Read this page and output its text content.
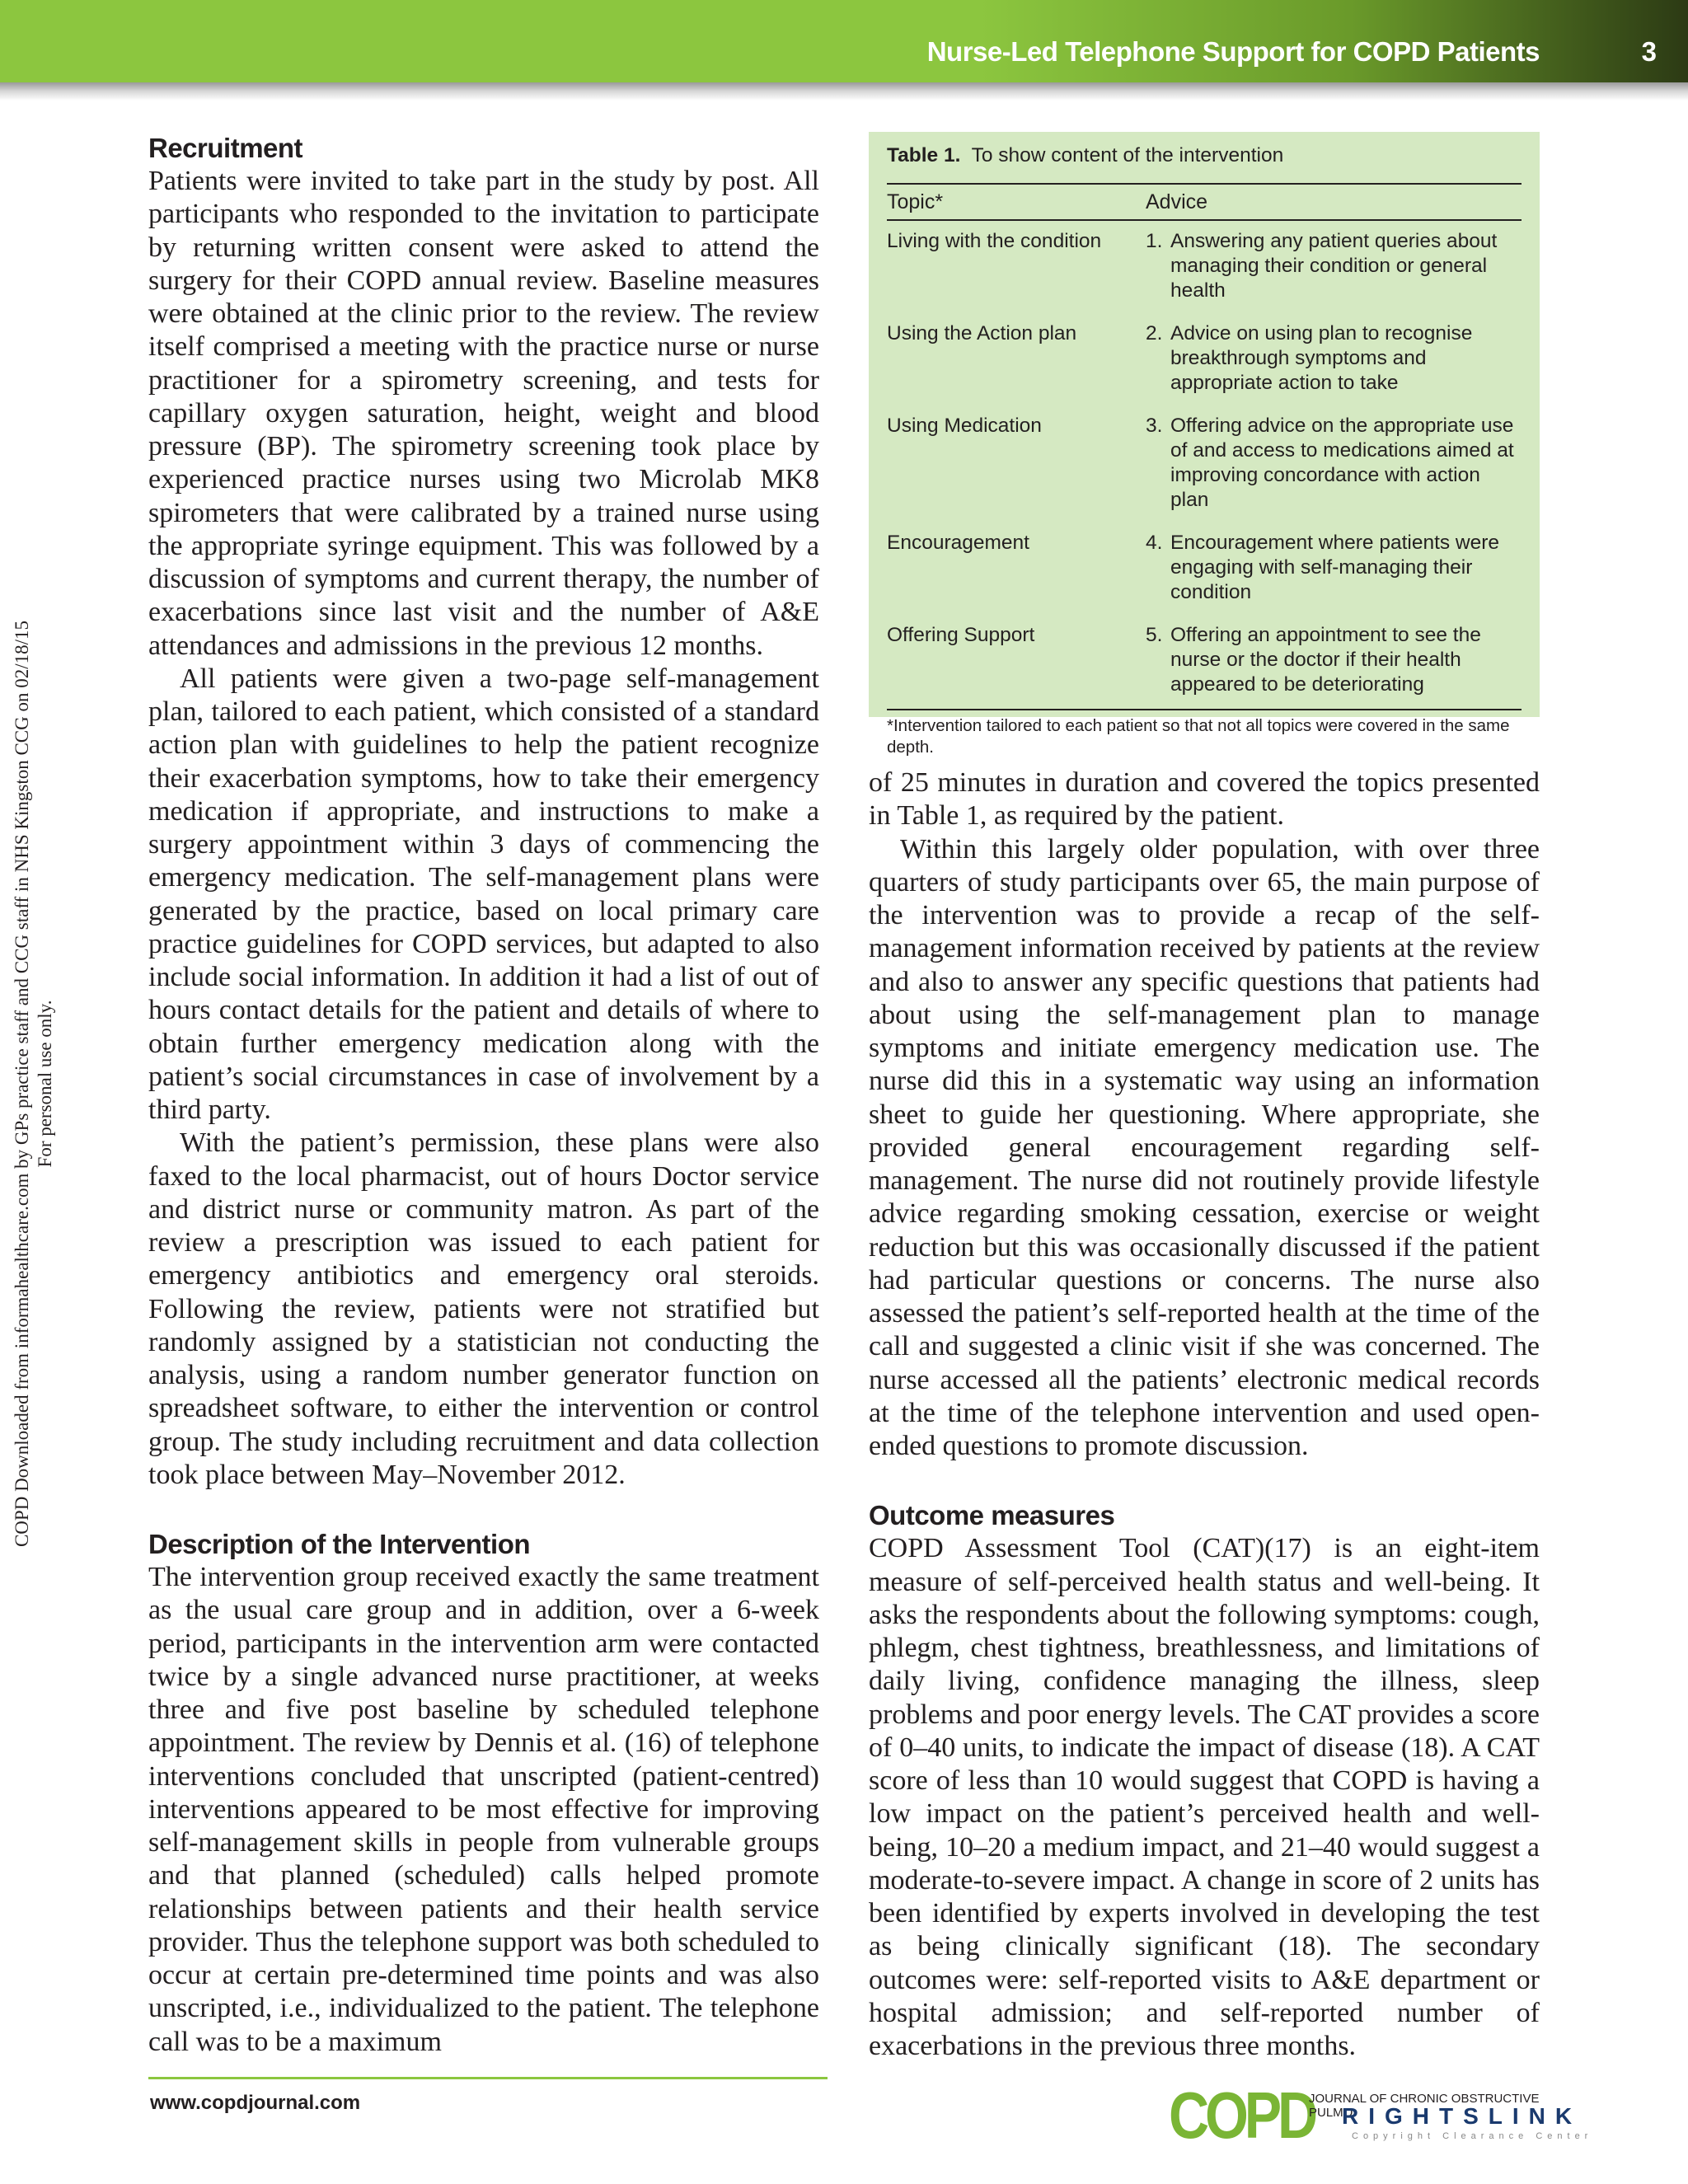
Nurse-Led Telephone Support for COPD Patients	3
COPD Downloaded from informahealthcare.com by GPs practice staff and CCG staff in NHS Kingston CCG on 02/18/15 For personal use only.
Recruitment

Patients were invited to take part in the study by post. All participants who responded to the invitation to participate by returning written consent were asked to attend the surgery for their COPD annual review. Baseline measures were obtained at the clinic prior to the review. The review itself comprised a meeting with the practice nurse or nurse practitioner for a spirometry screening, and tests for capillary oxygen saturation, height, weight and blood pressure (BP). The spirometry screening took place by experienced practice nurses using two Microlab MK8 spirometers that were calibrated by a trained nurse using the appropriate syringe equipment. This was followed by a discussion of symptoms and current therapy, the number of exacerbations since last visit and the number of A&E attendances and admissions in the previous 12 months.

All patients were given a two-page self-management plan, tailored to each patient, which consisted of a standard action plan with guidelines to help the patient recognize their exacerbation symptoms, how to take their emergency medication if appropriate, and instructions to make a surgery appointment within 3 days of commencing the emergency medication. The self-management plans were generated by the practice, based on local primary care practice guidelines for COPD services, but adapted to also include social information. In addition it had a list of out of hours contact details for the patient and details of where to obtain further emergency medication along with the patient’s social circumstances in case of involvement by a third party.

With the patient’s permission, these plans were also faxed to the local pharmacist, out of hours Doctor service and district nurse or community matron. As part of the review a prescription was issued to each patient for emergency antibiotics and emergency oral steroids. Following the review, patients were not stratified but randomly assigned by a statistician not conducting the analysis, using a random number generator function on spreadsheet software, to either the intervention or control group. The study including recruitment and data collection took place between May–November 2012.

Description of the Intervention

The intervention group received exactly the same treatment as the usual care group and in addition, over a 6-week period, participants in the intervention arm were contacted twice by a single advanced nurse practitioner, at weeks three and five post baseline by scheduled telephone appointment. The review by Dennis et al. (16) of telephone interventions concluded that unscripted (patient-centred) interventions appeared to be most effective for improving self-management skills in people from vulnerable groups and that planned (scheduled) calls helped promote relationships between patients and their health service provider. Thus the telephone support was both scheduled to occur at certain pre-determined time points and was also unscripted, i.e., individualized to the patient. The telephone call was to be a maximum

Table 1. To show content of the intervention
Topic*	Advice
Living with the condition	1. Answering any patient queries about managing their condition or general health
Using the Action plan	2. Advice on using plan to recognise breakthrough symptoms and appropriate action to take
Using Medication	3. Offering advice on the appropriate use of and access to medications aimed at improving concordance with action plan
Encouragement	4. Encouragement where patients were engaging with self-managing their condition
Offering Support	5. Offering an appointment to see the nurse or the doctor if their health appeared to be deteriorating
*Intervention tailored to each patient so that not all topics were covered in the same depth.

of 25 minutes in duration and covered the topics presented in Table 1, as required by the patient.

Within this largely older population, with over three quarters of study participants over 65, the main purpose of the intervention was to provide a recap of the self-management information received by patients at the review and also to answer any specific questions that patients had about using the self-management plan to manage symptoms and initiate emergency medication use. The nurse did this in a systematic way using an information sheet to guide her questioning. Where appropriate, she provided general encouragement regarding self-management. The nurse did not routinely provide lifestyle advice regarding smoking cessation, exercise or weight reduction but this was occasionally discussed if the patient had particular questions or concerns. The nurse also assessed the patient’s self-reported health at the time of the call and suggested a clinic visit if she was concerned. The nurse accessed all the patients’ electronic medical records at the time of the telephone intervention and used open-ended questions to promote discussion.

Outcome measures

COPD Assessment Tool (CAT)(17) is an eight-item measure of self-perceived health status and well-being. It asks the respondents about the following symptoms: cough, phlegm, chest tightness, breathlessness, and limitations of daily living, confidence managing the illness, sleep problems and poor energy levels. The CAT provides a score of 0–40 units, to indicate the impact of disease (18). A CAT score of less than 10 would suggest that COPD is having a low impact on the patient’s perceived health and well-being, 10–20 a medium impact, and 21–40 would suggest a moderate-to-severe impact. A change in score of 2 units has been identified by experts involved in developing the test as being clinically significant (18). The secondary outcomes were: self-reported visits to A&E department or hospital admission; and self-reported number of exacerbations in the previous three months.

www.copdjournal.com	COPD
JOURNAL OF CHRONIC OBSTRUCTIVE
PULMO
RIGHTSLINK
Copyright Clearance Center
